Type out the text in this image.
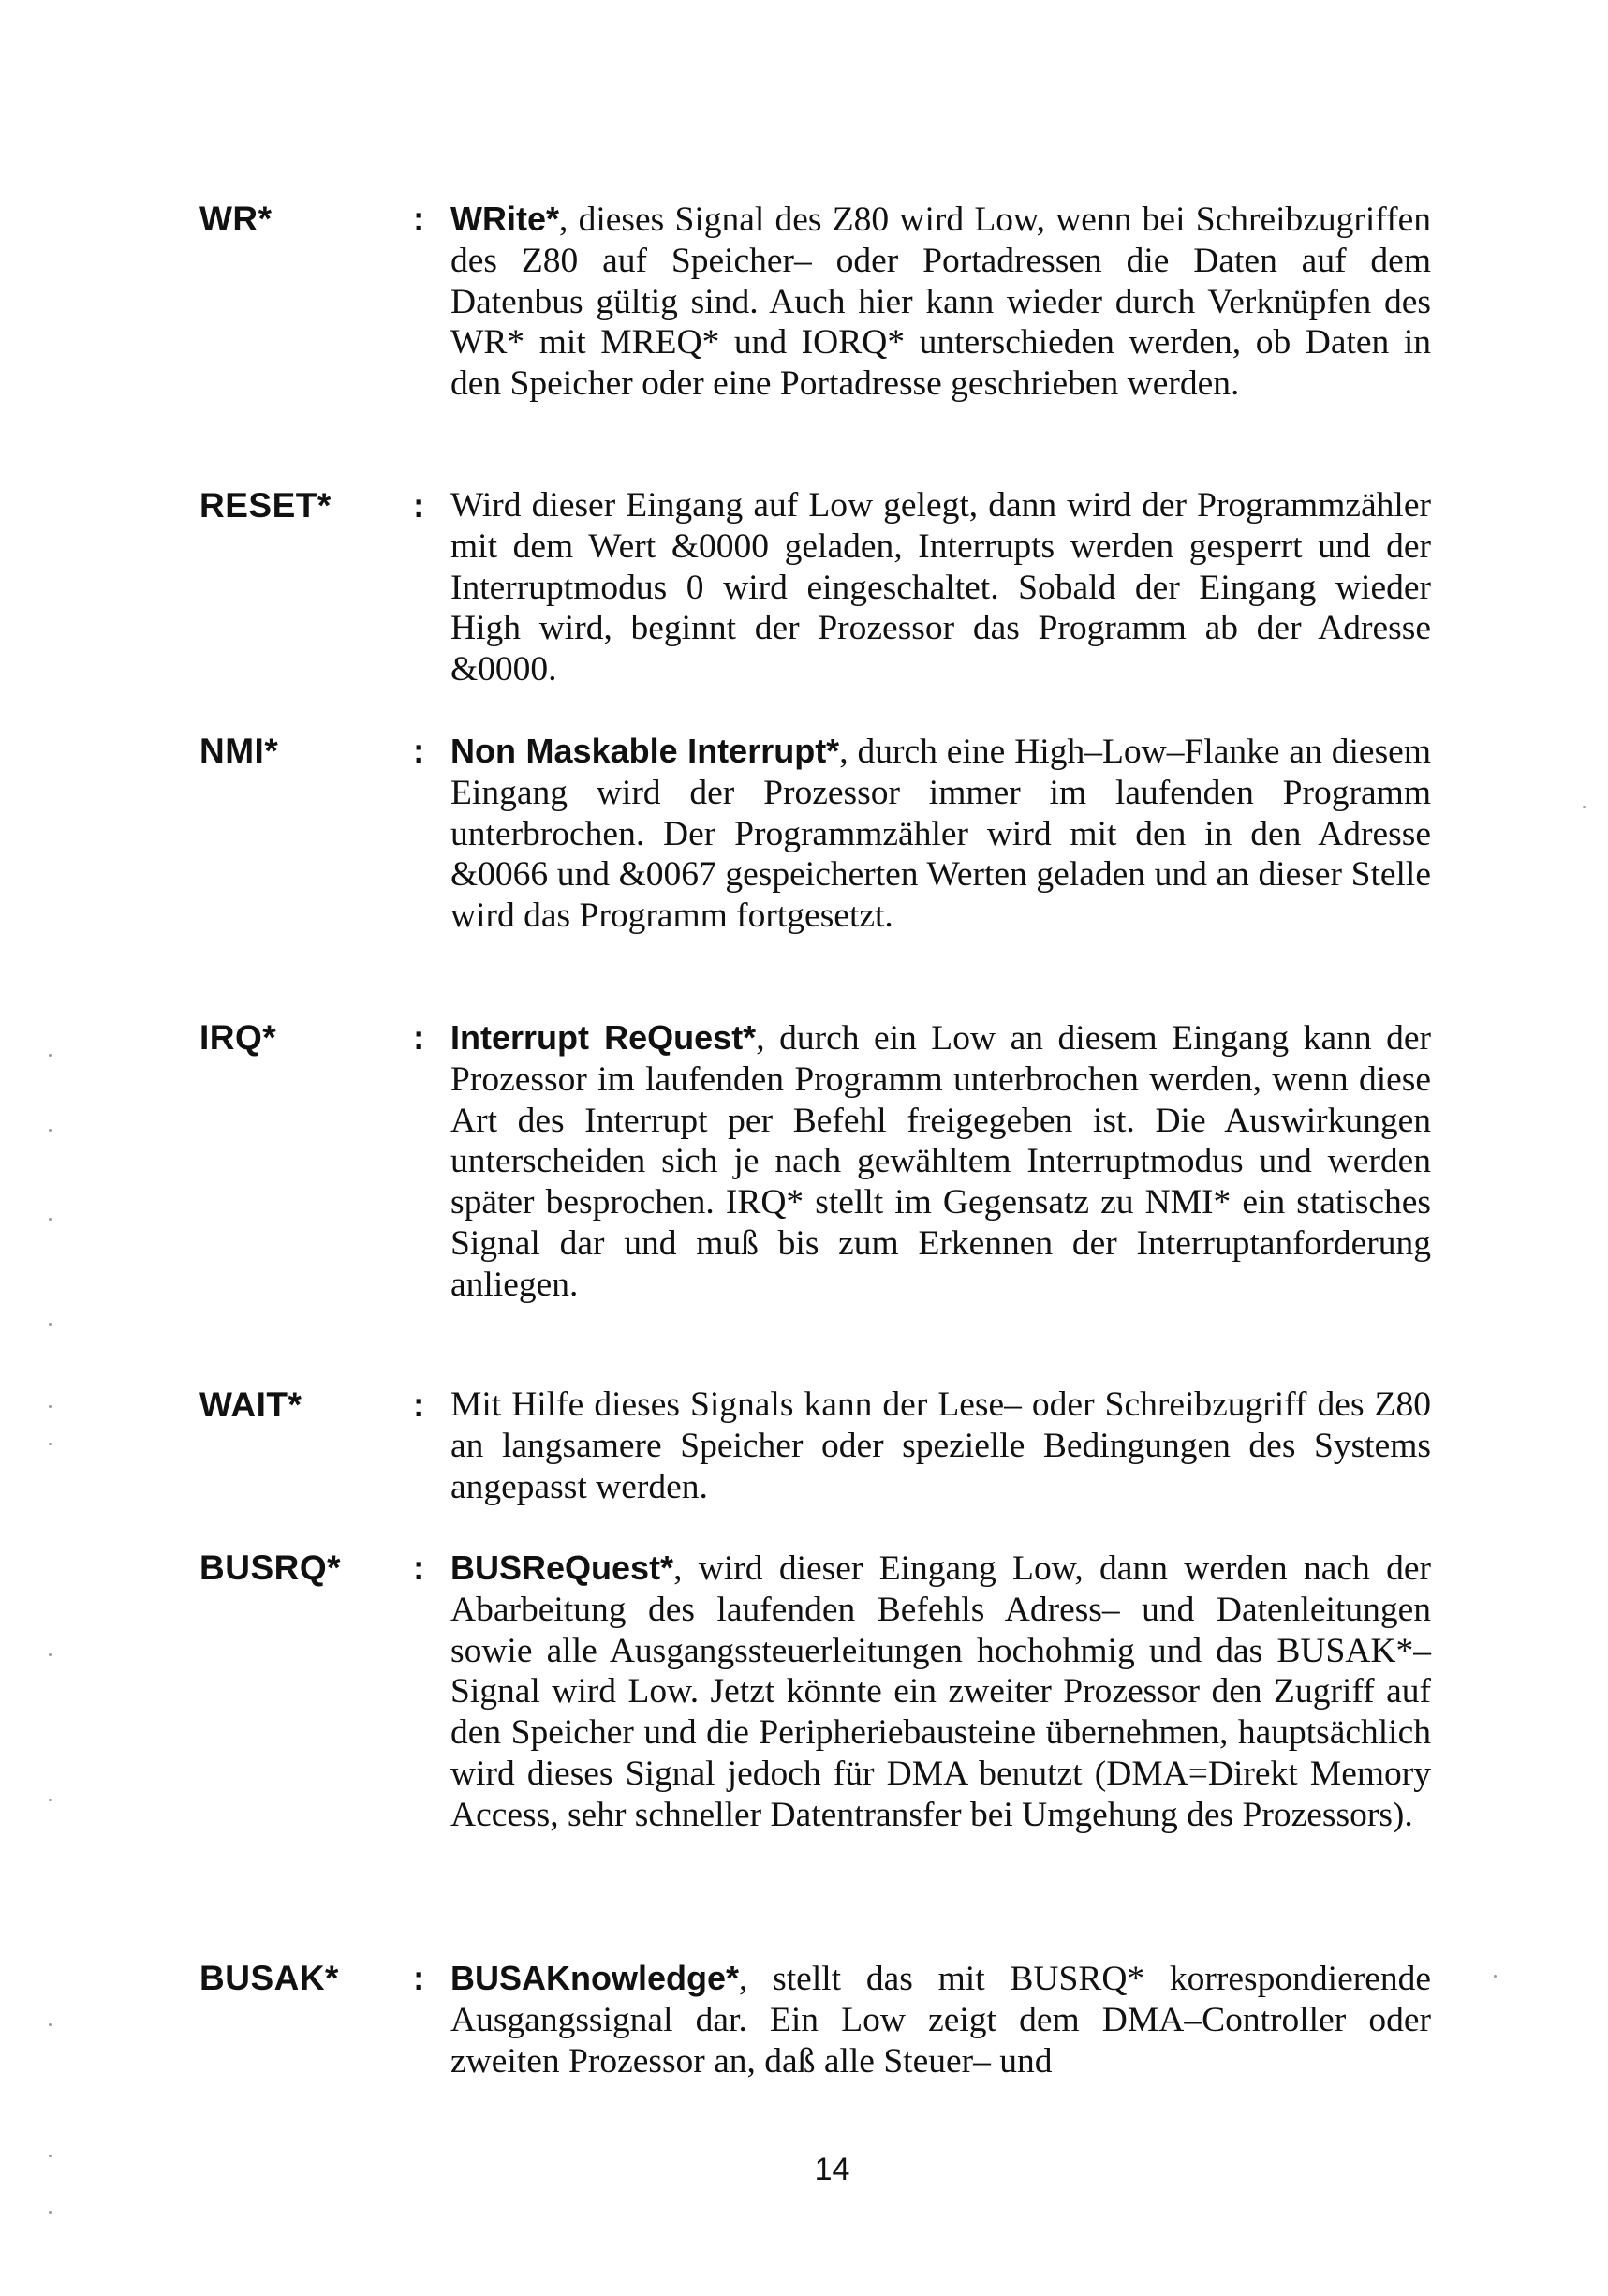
WR*	: WRite*, dieses Signal des Z80 wird Low, wenn bei Schreibzugriffen des Z80 auf Speicher– oder Portadressen die Daten auf dem Datenbus gültig sind. Auch hier kann wieder durch Verknüpfen des WR* mit MREQ* und IORQ* unterschieden werden, ob Daten in den Speicher oder eine Portadresse geschrieben werden.
RESET* : Wird dieser Eingang auf Low gelegt, dann wird der Programmzähler mit dem Wert &0000 geladen, Interrupts werden gesperrt und der Interruptmodus 0 wird eingeschaltet. Sobald der Eingang wieder High wird, beginnt der Prozessor das Programm ab der Adresse &0000.
NMI*	: Non Maskable Interrupt*, durch eine High–Low–Flanke an diesem Eingang wird der Prozessor immer im laufenden Programm unterbrochen. Der Programmzähler wird mit den in den Adresse &0066 und &0067 gespeicherten Werten geladen und an dieser Stelle wird das Programm fortgesetzt.
IRQ*	: Interrupt ReQuest*, durch ein Low an diesem Eingang kann der Prozessor im laufenden Programm unterbrochen werden, wenn diese Art des Interrupt per Befehl freigegeben ist. Die Auswirkungen unterscheiden sich je nach gewähltem Interruptmodus und werden später besprochen. IRQ* stellt im Gegensatz zu NMI* ein statisches Signal dar und muß bis zum Erkennen der Interruptanforderung anliegen.
WAIT*	: Mit Hilfe dieses Signals kann der Lese– oder Schreibzugriff des Z80 an langsamere Speicher oder spezielle Bedingungen des Systems angepasst werden.
BUSRQ* : BUSReQuest*, wird dieser Eingang Low, dann werden nach der Abarbeitung des laufenden Befehls Adress– und Datenleitungen sowie alle Ausgangssteuerleitungen hochohmig und das BUSAK*–Signal wird Low. Jetzt könnte ein zweiter Prozessor den Zugriff auf den Speicher und die Peripheriebausteine übernehmen, hauptsächlich wird dieses Signal jedoch für DMA benutzt (DMA=Direkt Memory Access, sehr schneller Datentransfer bei Umgehung des Prozessors).
BUSAK* : BUSAKnowledge*, stellt das mit BUSRQ* korrespondierende Ausgangssignal dar. Ein Low zeigt dem DMA–Controller oder zweiten Prozessor an, daß alle Steuer– und
14
